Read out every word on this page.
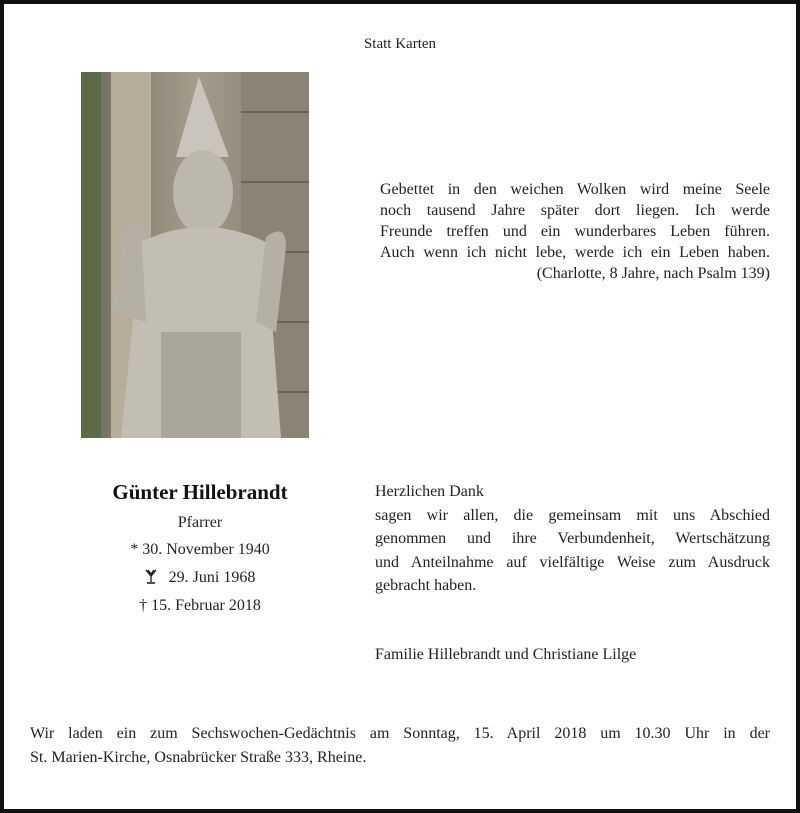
Statt Karten
Gebettet in den weichen Wolken wird meine Seele
noch tausend Jahre später dort liegen. Ich werde
Freunde treffen und ein wunderbares Leben führen.
Auch wenn ich nicht lebe, werde ich ein Leben haben.
(Charlotte, 8 Jahre, nach Psalm 139)
Günter Hillebrandt
Pfarrer
* 30. November 1940
29. Juni 1968
† 15. Februar 2018
Herzlichen Dank
sagen wir allen, die gemeinsam mit uns Abschied
genommen und ihre Verbundenheit, Wertschätzung
und Anteilnahme auf vielfältige Weise zum Ausdruck
gebracht haben.
Familie Hillebrandt und Christiane Lilge
Wir laden ein zum Sechswochen-Gedächtnis am Sonntag, 15. April 2018 um 10.30 Uhr in der
St. Marien-Kirche, Osnabrücker Straße 333, Rheine.
